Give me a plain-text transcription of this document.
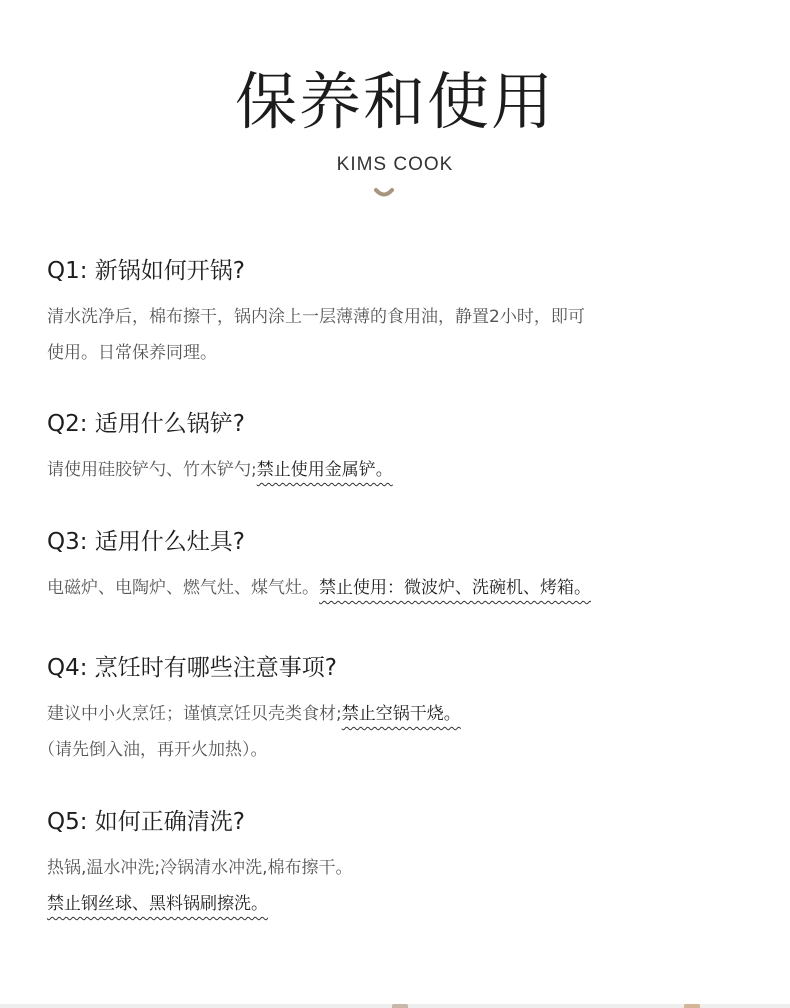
保养和使用
KIMS COOK
Q1: 新锅如何开锅?
清水洗净后，棉布擦干，锅内涂上一层薄薄的食用油，静置2小时，即可
使用。日常保养同理。
Q2: 适用什么锅铲?
请使用硅胶铲勺、竹木铲勺;禁止使用金属铲。
Q3: 适用什么灶具?
电磁炉、电陶炉、燃气灶、煤气灶。禁止使用：微波炉、洗碗机、烤箱。
Q4: 烹饪时有哪些注意事项?
建议中小火烹饪；谨慎烹饪贝壳类食材;禁止空锅干烧。
（请先倒入油，再开火加热）。
Q5: 如何正确清洗?
热锅,温水冲洗;冷锅清水冲洗,棉布擦干。
禁止钢丝球、黑料锅刷擦洗。
